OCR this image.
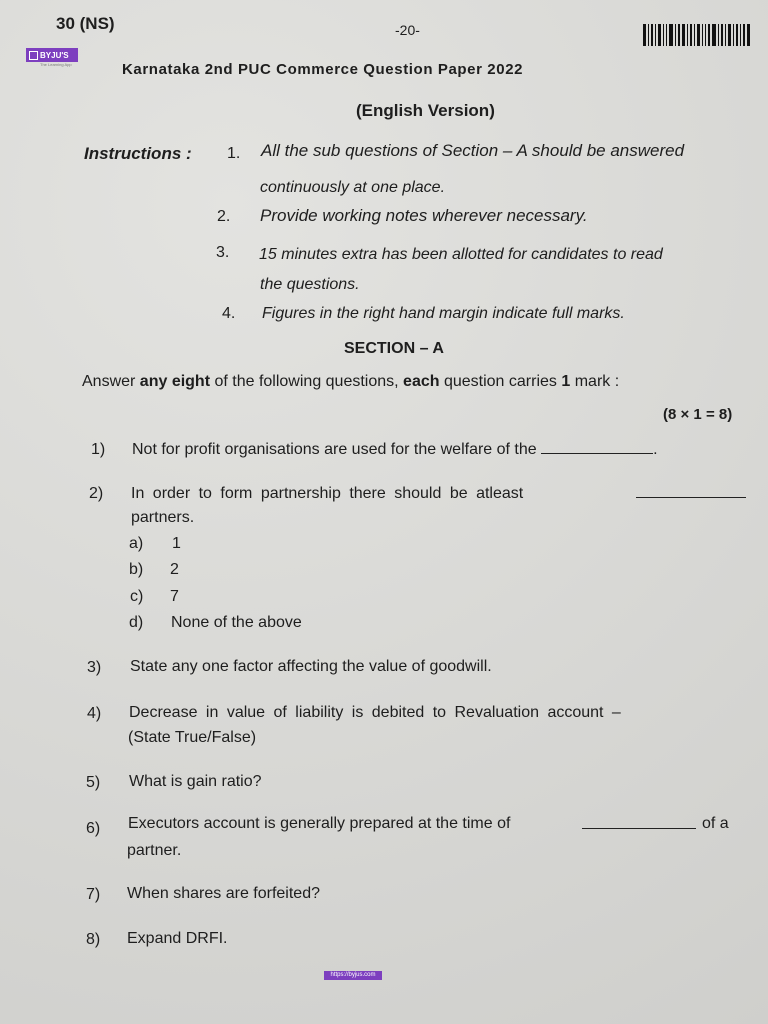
30 (NS)	-20-
BYJU'S
The Learning App	Karnataka 2nd PUC Commerce Question Paper 2022
(English Version)
Instructions : 1. All the sub questions of Section – A should be answered
continuously at one place.
2. Provide working notes wherever necessary.
3. 15 minutes extra has been allotted for candidates to read
the questions.
4. Figures in the right hand margin indicate full marks.
SECTION – A
Answer any eight of the following questions, each question carries 1 mark :
(8 × 1 = 8)
1) Not for profit organisations are used for the welfare of the	.
2) In order to form partnership there should be atleast
partners.
a) 1
b) 2
c) 7
d) None of the above
3) State any one factor affecting the value of goodwill.
4) Decrease in value of liability is debited to Revaluation account –
(State True/False)
5) What is gain ratio?
6) Executors account is generally prepared at the time of	of a
partner.
7) When shares are forfeited?
8) Expand DRFI.
https://byjus.com
